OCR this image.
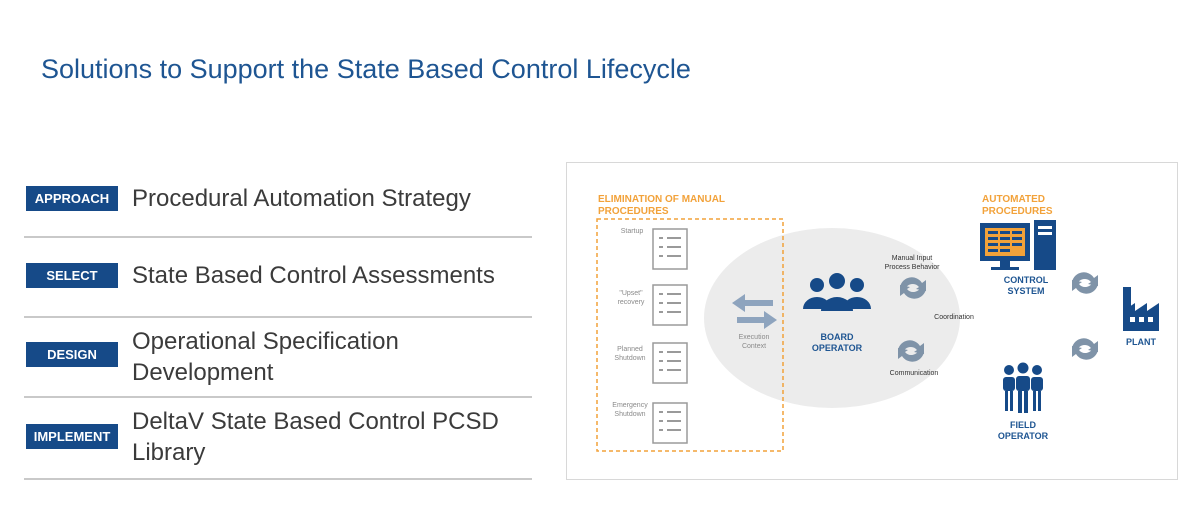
Solutions to Support the State Based Control Lifecycle
APPROACH Procedural Automation Strategy
SELECT	State Based Control Assessments
DESIGN	Operational Specification Development
IMPLEMENT
DeltaV State Based Control PCSD Library
ELIMINATION OF MANUAL PROCEDURES
AUTOMATED PROCEDURES
Startup
"Upset" recovery
Planned Shutdown
Emergency Shutdown
Execution Context
BOARD OPERATOR
Manual Input Process Behavior
Coordination
Communication
CONTROL SYSTEM
FIELD OPERATOR
PLANT
